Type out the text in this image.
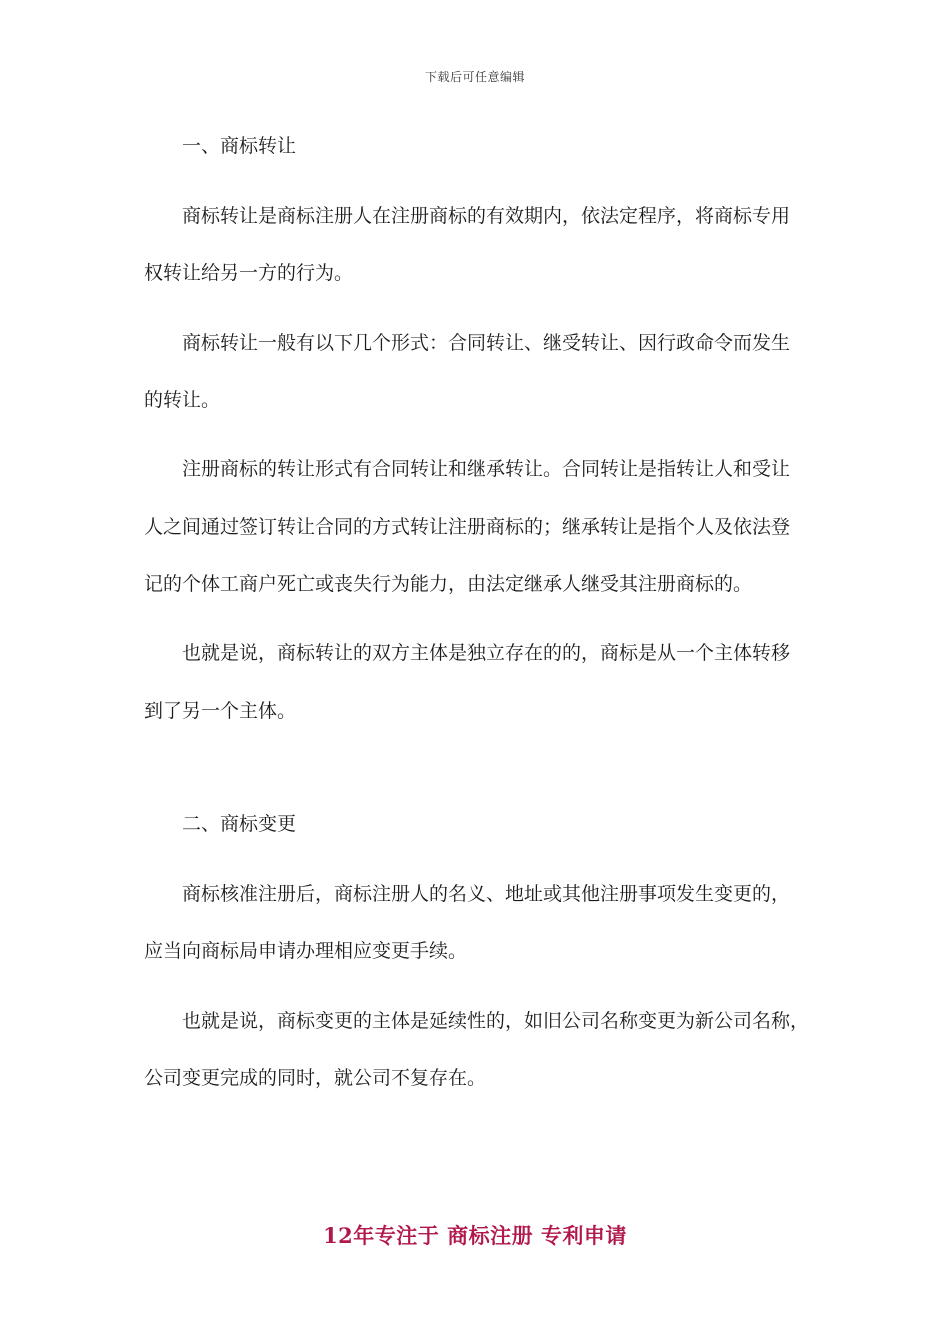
下载后可任意编辑
一、商标转让
商标转让是商标注册人在注册商标的有效期内，依法定程序，将商标专用
权转让给另一方的行为。
商标转让一般有以下几个形式：合同转让、继受转让、因行政命令而发生
的转让。
注册商标的转让形式有合同转让和继承转让。合同转让是指转让人和受让
人之间通过签订转让合同的方式转让注册商标的；继承转让是指个人及依法登
记的个体工商户死亡或丧失行为能力，由法定继承人继受其注册商标的。
也就是说，商标转让的双方主体是独立存在的的，商标是从一个主体转移
到了另一个主体。
二、商标变更
商标核准注册后，商标注册人的名义、地址或其他注册事项发生变更的，
应当向商标局申请办理相应变更手续。
也就是说，商标变更的主体是延续性的，如旧公司名称变更为新公司名称，
公司变更完成的同时，就公司不复存在。
12年专注于 商标注册 专利申请
